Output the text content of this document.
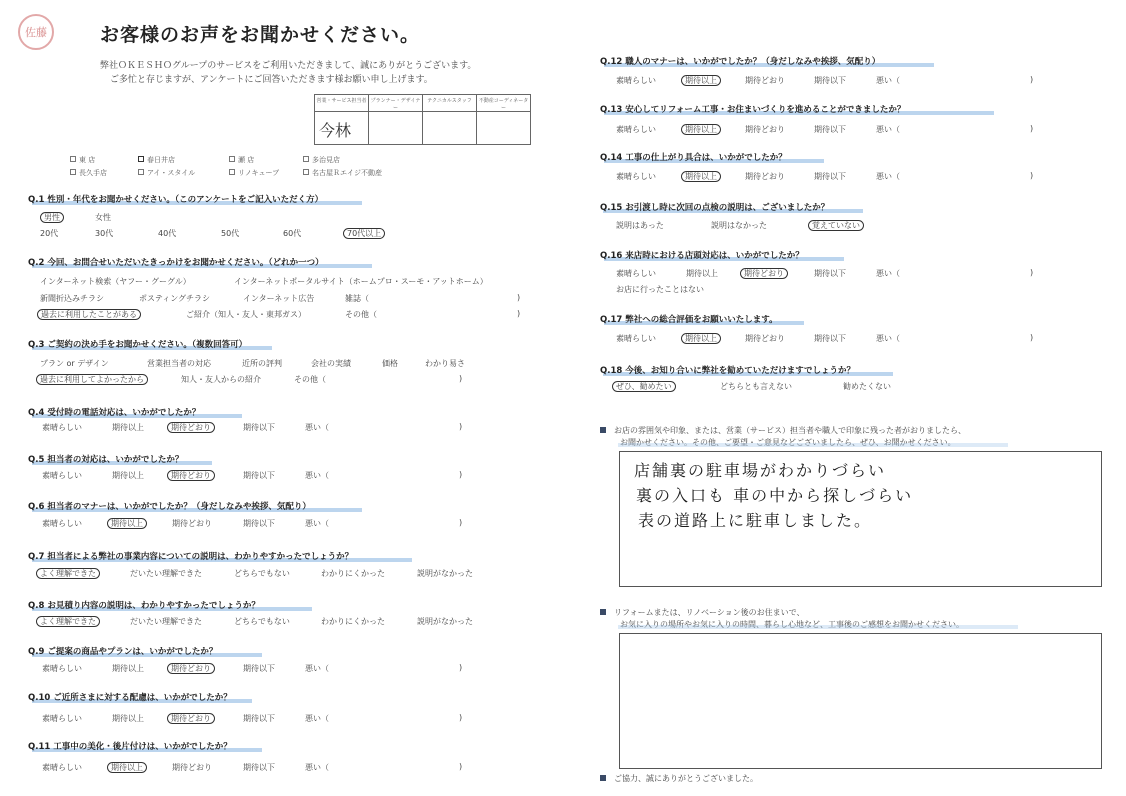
佐藤	お客様のお声をお聞かせください。
弊社ＯＫＥＳＨＯグループのサービスをご利用いただきまして、誠にありがとうございます。
ご多忙と存じますが、アンケートにご回答いただきます様お願い申し上げます。
営業・サービス担当者	プランナー・デザイナー	テクニカルスタッフ	不動産コーディネーター
今林			
東 店	春日井店	瀬 店	多治見店
長久手店	アイ・スタイル	リノキューブ	名古屋Ｒエイジ不動産
Q.1 性別・年代をお聞かせください。（このアンケートをご記入いただく方）
男性	女性
20代	30代	40代	50代	60代	70代以上
Q.2 今回、お問合せいただいたきっかけをお聞かせください。（どれか一つ）
インターネット検索（ヤフー・グーグル）	インターネットポータルサイト（ホームプロ・スーモ・アットホーム）
新聞折込みチラシ	ポスティングチラシ	インターネット広告	雑誌（	)
過去に利用したことがある	ご紹介（知人・友人・東邦ガス）	その他（	)
Q.3 ご契約の決め手をお聞かせください。（複数回答可）
プラン or デザイン	営業担当者の対応	近所の評判	会社の実績	価格	わかり易さ
過去に利用してよかったから	知人・友人からの紹介	その他（	)
Q.4 受付時の電話対応は、いかがでしたか？
素晴らしい	期待以上	期待どおり	期待以下	悪い（	)
Q.5 担当者の対応は、いかがでしたか？
素晴らしい	期待以上	期待どおり	期待以下	悪い（	)
Q.6 担当者のマナーは、いかがでしたか？（身だしなみや挨拶、気配り）
素晴らしい	期待以上	期待どおり	期待以下	悪い（	)
Q.9 ご提案の商品やプランは、いかがでしたか？
素晴らしい	期待以上	期待どおり	期待以下	悪い（	)
Q.10 ご近所さまに対する配慮は、いかがでしたか？
素晴らしい	期待以上	期待どおり	期待以下	悪い（	)
Q.11 工事中の美化・後片付けは、いかがでしたか？
素晴らしい	期待以上	期待どおり	期待以下	悪い（	)
Q.12 職人のマナーは、いかがでしたか？（身だしなみや挨拶、気配り）
素晴らしい	期待以上	期待どおり	期待以下	悪い（	)
Q.13 安心してリフォーム工事・お住まいづくりを進めることができましたか？
素晴らしい	期待以上	期待どおり	期待以下	悪い（	)
Q.14 工事の仕上がり具合は、いかがでしたか？
素晴らしい	期待以上	期待どおり	期待以下	悪い（	)
Q.16 来店時における店頭対応は、いかがでしたか？
素晴らしい	期待以上	期待どおり	期待以下	悪い（	)
Q.17 弊社への総合評価をお願いいたします。
素晴らしい	期待以上	期待どおり	期待以下	悪い（	)
Q.7 担当者による弊社の事業内容についての説明は、わかりやすかったでしょうか？
よく理解できた	だいたい理解できた	どちらでもない	わかりにくかった	説明がなかった
Q.8 お見積り内容の説明は、わかりやすかったでしょうか？
よく理解できた	だいたい理解できた	どちらでもない	わかりにくかった	説明がなかった
Q.15 お引渡し時に次回の点検の説明は、ございましたか？
説明はあった	説明はなかった	覚えていない
お店に行ったことはない
Q.18 今後、お知り合いに弊社を勧めていただけますでしょうか？
ぜひ、勧めたい	どちらとも言えない	勧めたくない
お店の雰囲気や印象、または、営業（サービス）担当者や職人で印象に残った者がおりましたら、
お聞かせください。その他、ご要望・ご意見などございましたら、ぜひ、お聞かせください。
店舗裏の駐車場がわかりづらい
裏の入口も 車の中から探しづらい
表の道路上に駐車しました。
リフォームまたは、リノベーション後のお住まいで、
お気に入りの場所やお気に入りの時間、暮らし心地など、工事後のご感想をお聞かせください。
ご協力、誠にありがとうございました。
